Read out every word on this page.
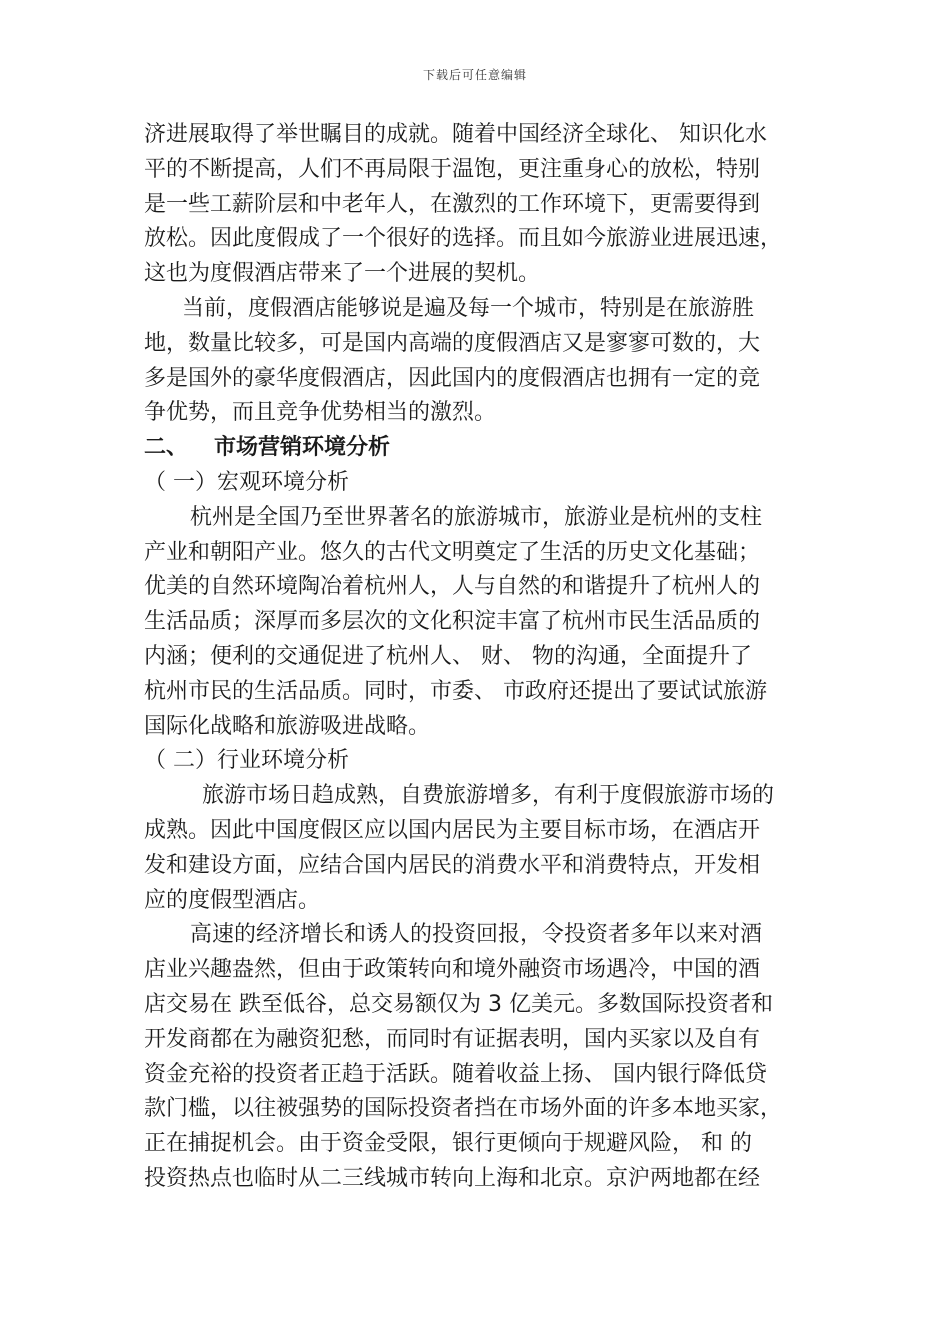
下载后可任意编辑
济进展取得了举世瞩目的成就。随着中国经济全球化、 知识化水
平的不断提高，人们不再局限于温饱，更注重身心的放松，特别
是一些工薪阶层和中老年人，在激烈的工作环境下，更需要得到
放松。因此度假成了一个很好的选择。而且如今旅游业进展迅速，
这也为度假酒店带来了一个进展的契机。
当前，度假酒店能够说是遍及每一个城市，特别是在旅游胜
地，数量比较多，可是国内高端的度假酒店又是寥寥可数的，大
多是国外的豪华度假酒店，因此国内的度假酒店也拥有一定的竞
争优势，而且竞争优势相当的激烈。
二、 市场营销环境分析
（ 一）宏观环境分析
杭州是全国乃至世界著名的旅游城市，旅游业是杭州的支柱
产业和朝阳产业。悠久的古代文明奠定了生活的历史文化基础；
优美的自然环境陶冶着杭州人，人与自然的和谐提升了杭州人的
生活品质；深厚而多层次的文化积淀丰富了杭州市民生活品质的
内涵；便利的交通促进了杭州人、 财、 物的沟通，全面提升了
杭州市民的生活品质。同时，市委、 市政府还提出了要试试旅游
国际化战略和旅游吸进战略。
（ 二）行业环境分析
旅游市场日趋成熟，自费旅游增多，有利于度假旅游市场的
成熟。因此中国度假区应以国内居民为主要目标市场，在酒店开
发和建设方面，应结合国内居民的消费水平和消费特点，开发相
应的度假型酒店。
高速的经济增长和诱人的投资回报，令投资者多年以来对酒
店业兴趣盎然，但由于政策转向和境外融资市场遇冷，中国的酒
店交易在 跌至低谷，总交易额仅为 3 亿美元。多数国际投资者和
开发商都在为融资犯愁，而同时有证据表明，国内买家以及自有
资金充裕的投资者正趋于活跃。随着收益上扬、 国内银行降低贷
款门槛，以往被强势的国际投资者挡在市场外面的许多本地买家，
正在捕捉机会。由于资金受限，银行更倾向于规避风险， 和 的
投资热点也临时从二三线城市转向上海和北京。京沪两地都在经
